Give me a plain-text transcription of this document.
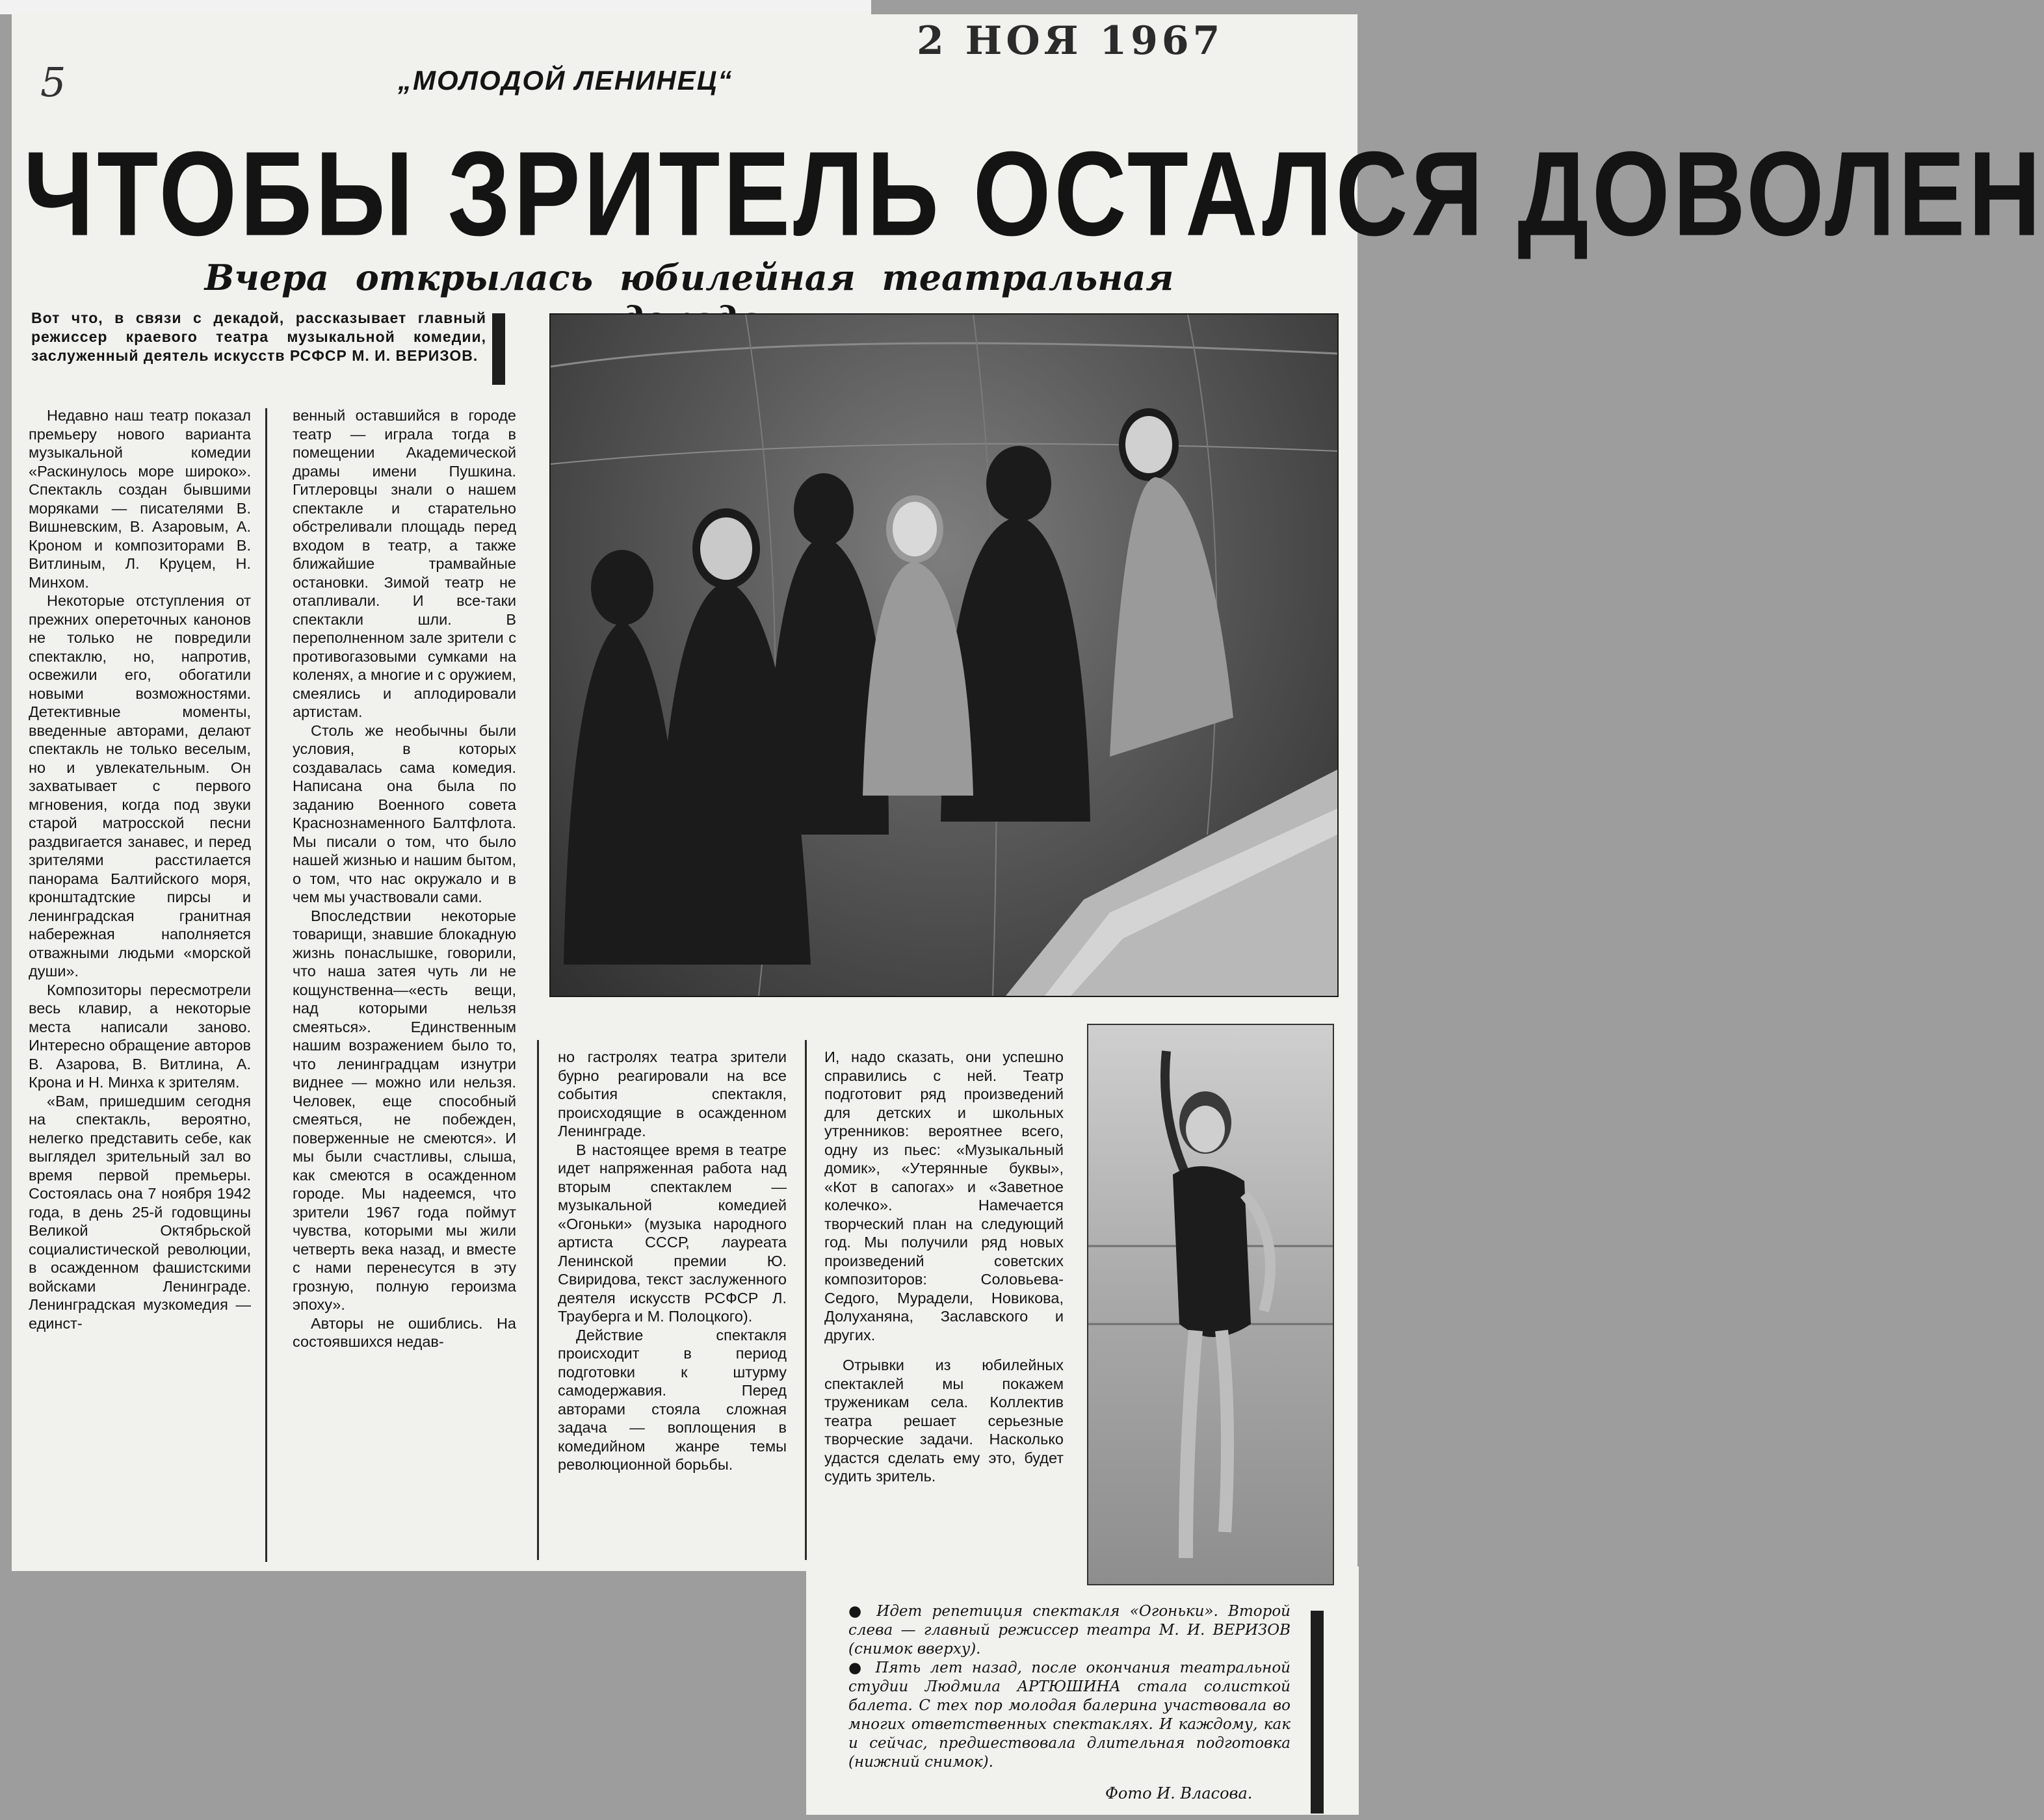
5
2 НОЯ 1967
„МОЛОДОЙ ЛЕНИНЕЦ“
ЧТОБЫ ЗРИТЕЛЬ ОСТАЛСЯ ДОВОЛЕН
Вчера открылась юбилейная театральная
Вот что, в связи с декадой, рассказывает главный режиссер краевого театра музыкальной комедии, заслуженный деятель искусств РСФСР М. И. ВЕРИЗОВ.

Недавно наш театр показал премьеру нового варианта музыкальной комедии «Раскинулось море широко». Спектакль создан бывшими моряками — писателями В. Вишневским, В. Азаровым, А. Кроном и композиторами В. Витлиным, Л. Круцем, Н. Минхом.

Некоторые отступления от прежних опереточных канонов не только не повредили спектаклю, но, напротив, освежили его, обогатили новыми возможностями. Детективные моменты, введенные авторами, делают спектакль не только веселым, но и увлекательным. Он захватывает с первого мгновения, когда под звуки старой матросской песни раздвигается занавес, и перед зрителями расстилается панорама Балтийского моря, кронштадтские пирсы и ленинградская гранитная набережная наполняется отважными людьми «морской души».

Композиторы пересмотрели весь клавир, а некоторые места написали заново. Интересно обращение авторов В. Азарова, В. Витлина, А. Крона и Н. Минха к зрителям.

«Вам, пришедшим сегодня на спектакль, вероятно, нелегко представить себе, как выглядел зрительный зал во время первой премьеры. Состоялась она 7 ноября 1942 года, в день 25-й годовщины Великой Октябрьской социалистической революции, в осажденном фашистскими войсками Ленинграде. Ленинградская музкомедия — единст-

венный оставшийся в городе театр — играла тогда в помещении Академической драмы имени Пушкина. Гитлеровцы знали о нашем спектакле и старательно обстреливали площадь перед входом в театр, а также ближайшие трамвайные остановки. Зимой театр не отапливали. И все-таки спектакли шли. В переполненном зале зрители с противогазовыми сумками на коленях, а многие и с оружием, смеялись и аплодировали артистам.

Столь же необычны были условия, в которых создавалась сама комедия. Написана она была по заданию Военного совета Краснознаменного Балтфлота. Мы писали о том, что было нашей жизнью и нашим бытом, о том, что нас окружало и в чем мы участвовали сами.

Впоследствии некоторые товарищи, знавшие блокадную жизнь понаслышке, говорили, что наша затея чуть ли не кощунственна—«есть вещи, над которыми нельзя смеяться». Единственным нашим возражением было то, что ленинградцам изнутри виднее — можно или нельзя. Человек, еще способный смеяться, не побежден, поверженные не смеются». И мы были счастливы, слыша, как смеются в осажденном городе. Мы надеемся, что зрители 1967 года поймут чувства, которыми мы жили четверть века назад, и вместе с нами перенесутся в эту грозную, полную героизма эпоху».

Авторы не ошиблись. На состоявшихся недав-

но гастролях театра зрители бурно реагировали на все события спектакля, происходящие в осажденном Ленинграде.

В настоящее время в театре идет напряженная работа над вторым спектаклем — музыкальной комедией «Огоньки» (музыка народного артиста СССР, лауреата Ленинской премии Ю. Свиридова, текст заслуженного деятеля искусств РСФСР Л. Трауберга и М. Полоцкого).

Действие спектакля происходит в период подготовки к штурму самодержавия. Перед авторами стояла сложная задача — воплощения в комедийном жанре темы революционной борьбы.

И, надо сказать, они успешно справились с ней. Театр подготовит ряд произведений для детских и школьных утренников: вероятнее всего, одну из пьес: «Музыкальный домик», «Утерянные буквы», «Кот в сапогах» и «Заветное колечко». Намечается творческий план на следующий год. Мы получили ряд новых произведений советских композиторов: Соловьева-Седого, Мурадели, Новикова, Долуханяна, Заславского и других.

Отрывки из юбилейных спектаклей мы покажем труженикам села. Коллектив театра решает серьезные творческие задачи. Насколько удастся сделать ему это, будет судить зритель.

● Идет репетиция спектакля «Огоньки». Второй слева — главный режиссер театра М. И. ВЕРИЗОВ (снимок вверху).

● Пять лет назад, после окончания театральной студии Людмила АРТЮШИНА стала солисткой балета. С тех пор молодая балерина участвовала во многих ответственных спектаклях. И каждому, как и сейчас, предшествовала длительная подготовка (нижний снимок).

Фото И. Власова.
